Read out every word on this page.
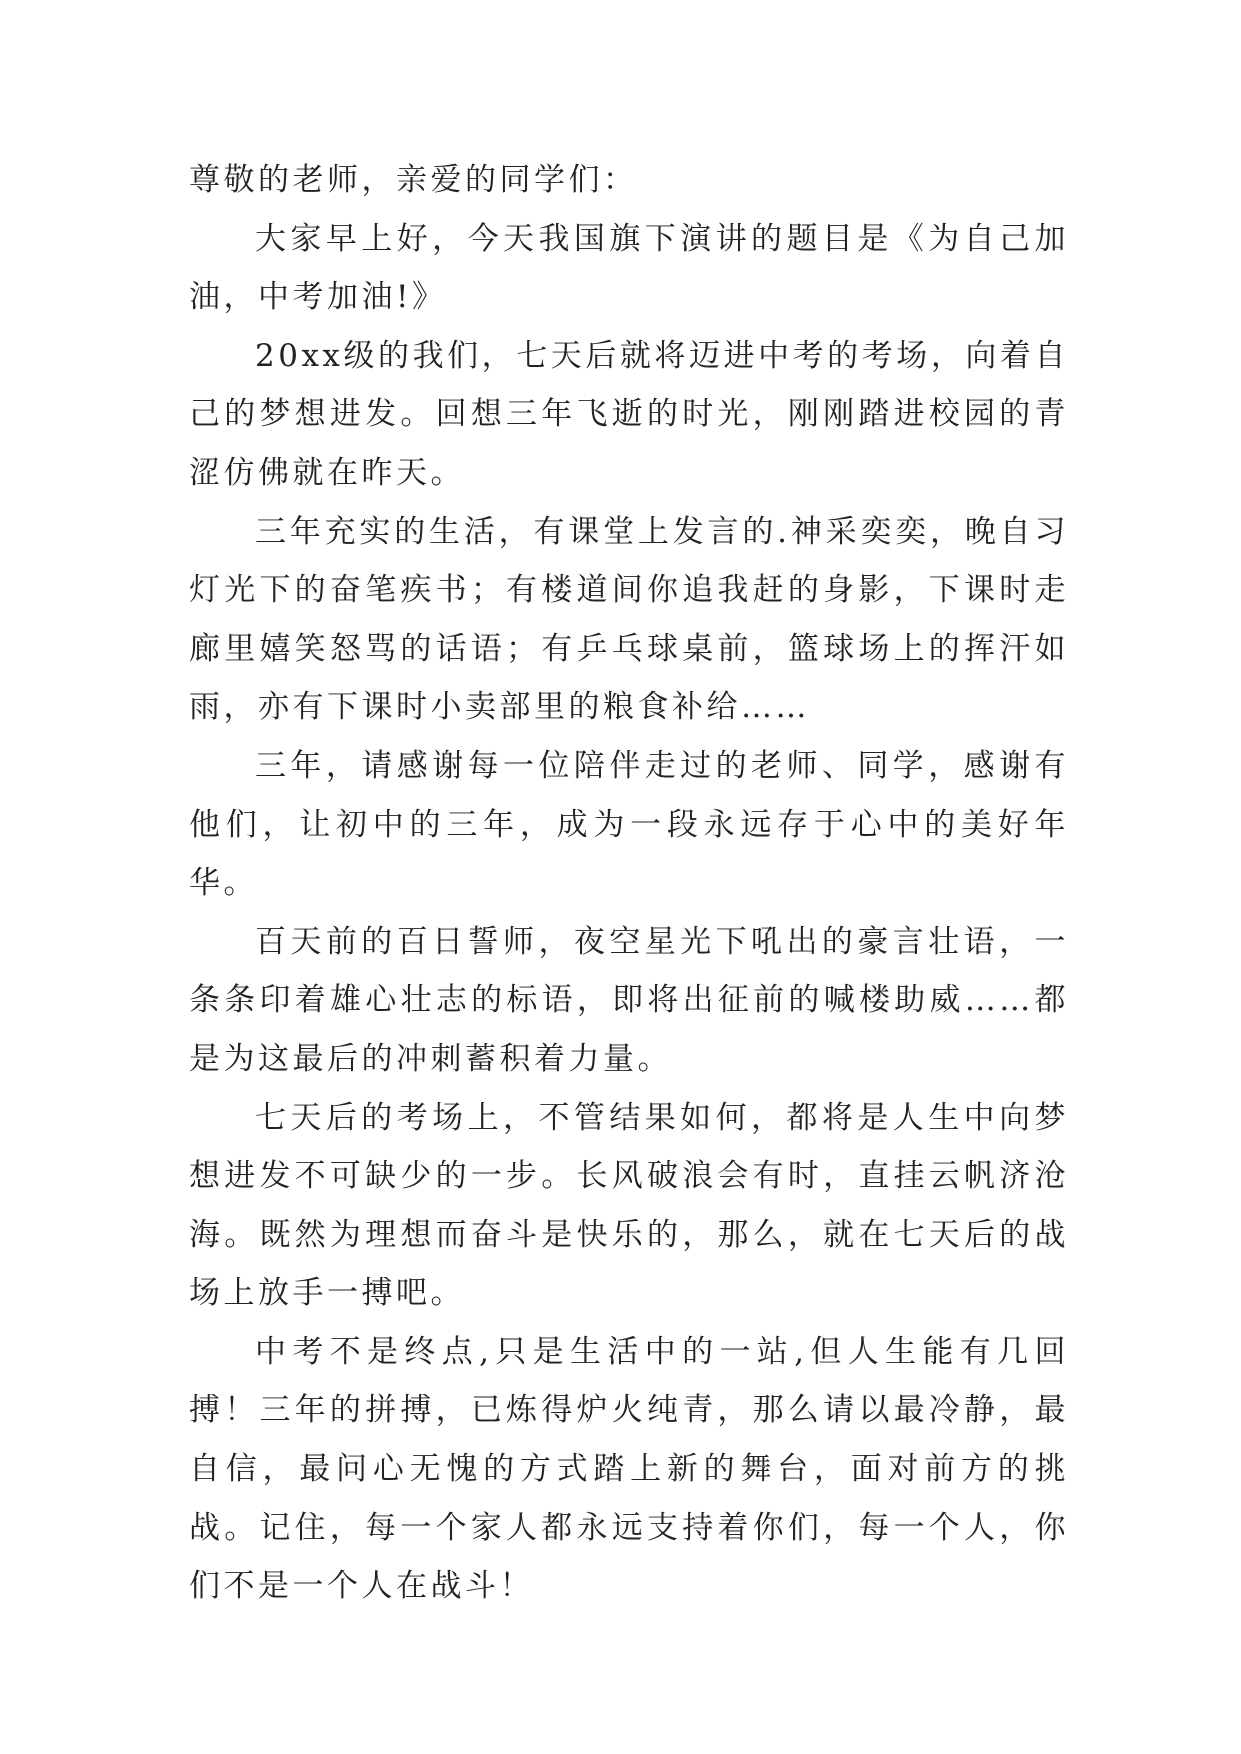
尊敬的老师，亲爱的同学们：

大家早上好，今天我国旗下演讲的题目是《为自己加油，中考加油!》

20xx级的我们，七天后就将迈进中考的考场，向着自己的梦想进发。回想三年飞逝的时光，刚刚踏进校园的青涩仿佛就在昨天。

三年充实的生活，有课堂上发言的.神采奕奕，晚自习灯光下的奋笔疾书；有楼道间你追我赶的身影，下课时走廊里嬉笑怒骂的话语；有乒乓球桌前，篮球场上的挥汗如雨，亦有下课时小卖部里的粮食补给……

三年，请感谢每一位陪伴走过的老师、同学，感谢有他们，让初中的三年，成为一段永远存于心中的美好年华。

百天前的百日誓师，夜空星光下吼出的豪言壮语，一条条印着雄心壮志的标语，即将出征前的喊楼助威……都是为这最后的冲刺蓄积着力量。

七天后的考场上，不管结果如何，都将是人生中向梦想进发不可缺少的一步。长风破浪会有时，直挂云帆济沧海。既然为理想而奋斗是快乐的，那么，就在七天后的战场上放手一搏吧。

中考不是终点,只是生活中的一站,但人生能有几回搏！三年的拼搏，已炼得炉火纯青，那么请以最冷静，最自信，最问心无愧的方式踏上新的舞台，面对前方的挑战。记住，每一个家人都永远支持着你们，每一个人，你们不是一个人在战斗！
